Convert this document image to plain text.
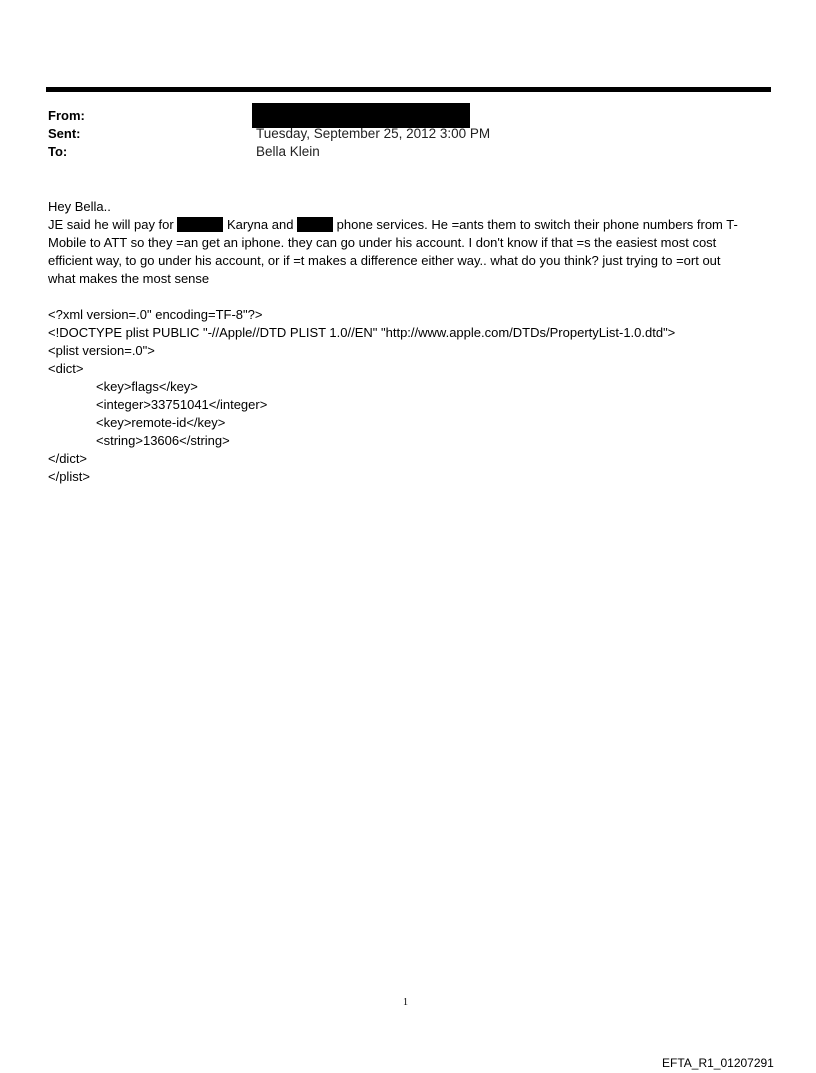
From:
Sent:	Tuesday, September 25, 2012 3:00 PM
To:	Bella Klein
Hey Bella..
JE said he will pay for	Karyna and	phone services. He =ants them to switch their phone numbers from T-
Mobile to ATT so they =an get an iphone. they can go under his account. I don't know if that =s the easiest most cost
efficient way, to go under his account, or if =t makes a difference either way.. what do you think? just trying to =ort out
what makes the most sense
<?xml version=.0" encoding=TF-8"?>
<!DOCTYPE plist PUBLIC "-//Apple//DTD PLIST 1.0//EN" "http://www.apple.com/DTDs/PropertyList-1.0.dtd">
<plist version=.0">
<dict>
<key>flags</key>
<integer>33751041</integer>
<key>remote-id</key>
<string>13606</string>
</dict>
</plist>
1
EFTA_R1_01207291
